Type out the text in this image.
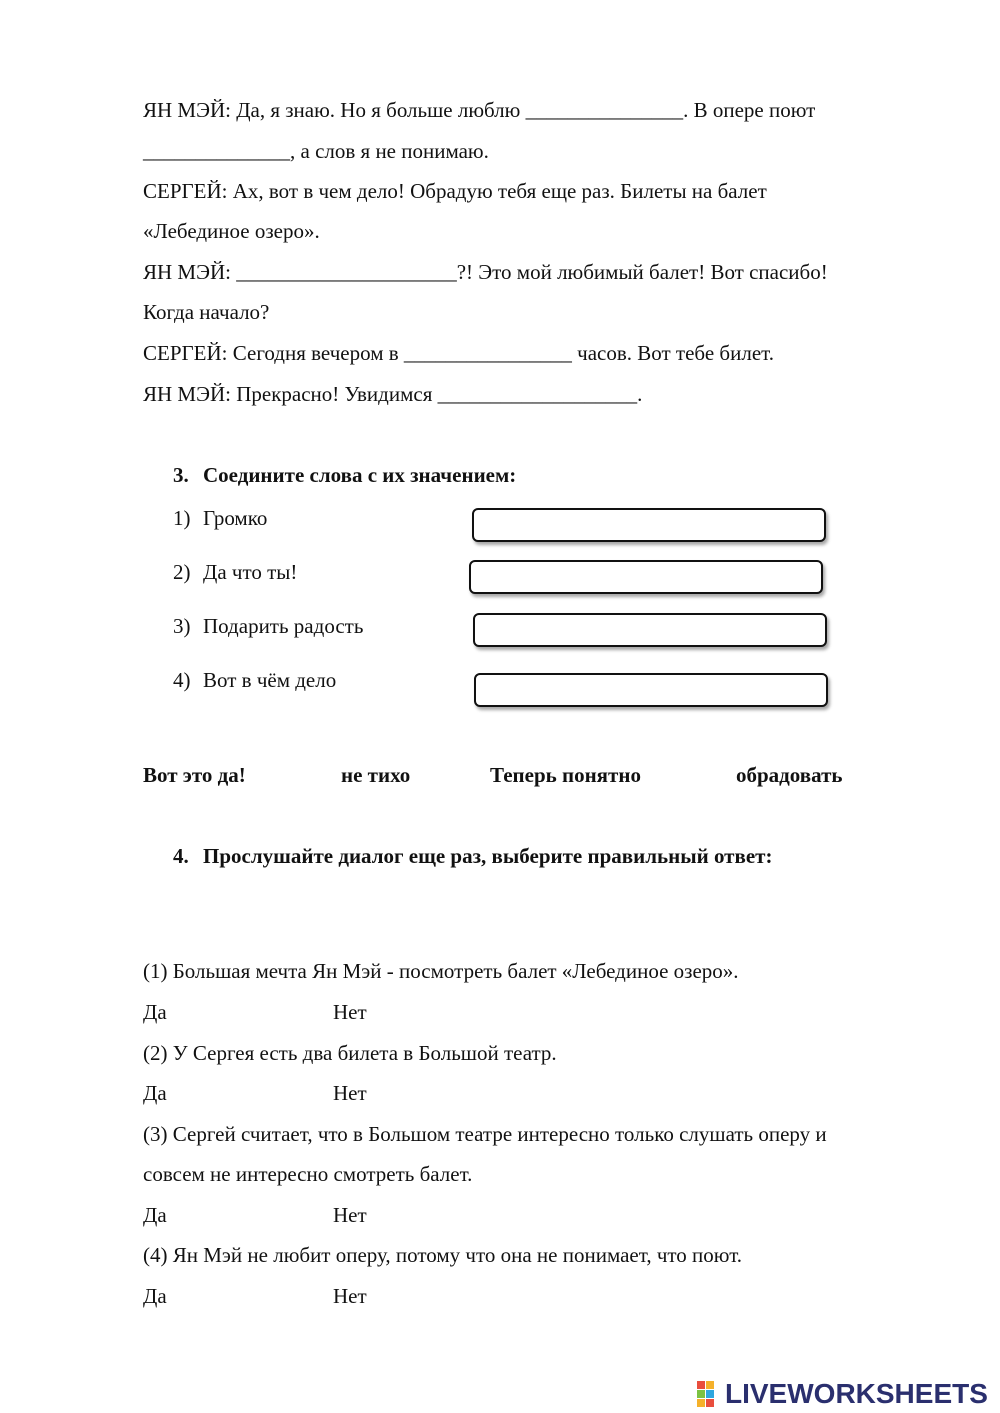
ЯН МЭЙ: Да, я знаю. Но я больше люблю _______________. В опере поют
______________, а слов я не понимаю.
СЕРГЕЙ: Ах, вот в чем дело! Обрадую тебя еще раз. Билеты на балет
«Лебединое озеро».
ЯН МЭЙ: _____________________?! Это мой любимый балет! Вот спасибо!
Когда начало?
СЕРГЕЙ: Сегодня вечером в ________________ часов. Вот тебе билет.
ЯН МЭЙ: Прекрасно! Увидимся ___________________.
3. Соедините слова с их значением:
1) Громко
2) Да что ты!
3) Подарить радость
4) Вот в чём дело
Вот это да!	не тихо	Теперь понятно	обрадовать
4. Прослушайте диалог еще раз, выберите правильный ответ:
(1) Большая мечта Ян Мэй - посмотреть балет «Лебединое озеро».
Да	Нет
(2) У Сергея есть два билета в Большой театр.
Да	Нет
(3) Сергей считает, что в Большом театре интересно только слушать оперу и
совсем не интересно смотреть балет.
Да	Нет
(4) Ян Мэй не любит оперу, потому что она не понимает, что поют.
Да	Нет
LIVEWORKSHEETS
